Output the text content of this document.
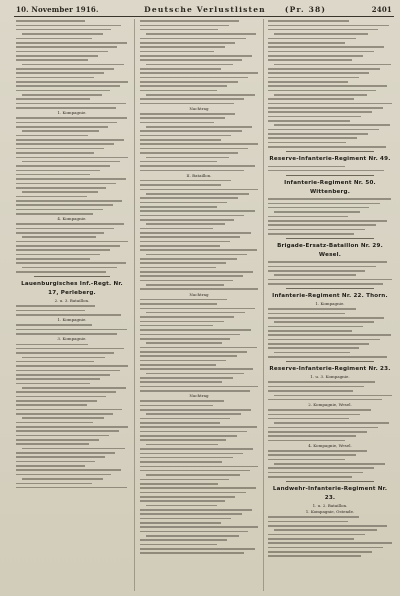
10. November 1916.	Deutsche Verlustlisten	(Pr. 38)	2401
1. Kompagnie.
4. Kompagnie.
Lauenburgisches Inf.-Regt. Nr. 17, Perleberg.
2. u. 3. Bataillon.
1. Kompagnie.
3. Kompagnie.
Nachtrag
II. Bataillon.
Nachtrag
Nachtrag
Reserve-Infanterie-Regiment Nr. 49.
Infanterie-Regiment Nr. 50. Wittenberg.
Brigade-Ersatz-Bataillon Nr. 29. Wesel.
Infanterie-Regiment Nr. 22. Thorn.
1. Kompagnie.
Reserve-Infanterie-Regiment Nr. 23.
1. u. 3. Kompagnie.
2. Kompagnie, Wesel.
4. Kompagnie, Wesel.
Landwehr-Infanterie-Regiment Nr. 23.
1. u. 2. Bataillon.
1. Kompagnie, Ostende.
